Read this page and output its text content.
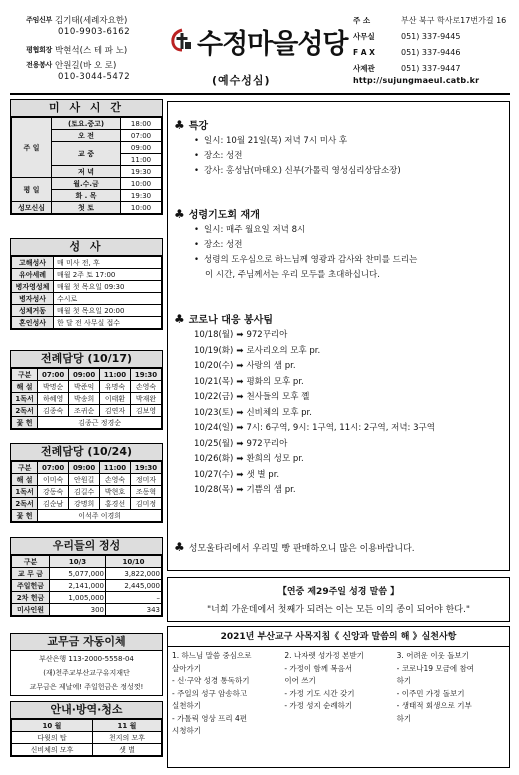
주임신부 김기태(세례자요한)
010-9903-6162
평협회장 박현석(스 테 파 노)
전용봉사 안원길(바 오 로)
010-3044-5472
수정마을성당
(예수성심)
주 소	부산 북구 학사로17번가길 16
사무실	051) 337-9445
F A X	051) 337-9446
사제관	051) 337-9447
http://sujungmaeul.catb.kr
미 사 시 간
주 일	(토요.중고)	18:00
	오 전	07:00
	교 중	09:00
		11:00
	저 녁	19:30
평 일	월.수.금	10:00
	화 . 목	19:30
성모신심	첫 토	10:00
성 사
고해성사	매 미사 전, 후
유아세례	매월 2주 토 17:00
병자영성체	매월 첫 목요일 09:30
병자성사	수시로
성체거동	매월 첫 목요일 20:00
혼인성사	한 달 전 사무실 접수
전례담당 (10/17)
구분	07:00	09:00	11:00	19:30
해 설	박명순	박준익	유명숙	손영숙
1독서	하혜영	박송희	이태환	박재완
2독서	김종숙	조귀순	김연자	김보영
꽃 헌	김종근 정경순			
전례담당 (10/24)
구분	07:00	09:00	11:00	19:30
해 설	이미숙	안원길	손영숙	정미자
1독서	강동숙	김길수	박현호	조동혁
2독서	김순남	강명희	홍경선	김미정
꽃 헌	이석주 이경희			
우리들의 정성
구분	10/3	10/10
교 무 금	5,077,000	3,822,000
주일헌금	2,141,000	2,445,000
2차 헌금	1,005,000	–
미사인원	300	343
교무금 자동이체
부산은행 113-2000-5558-04
(재)천주교부산교구유지재단
교무금은 제날에! 주일헌금은 정성껏!
안내·방역·청소
10 월	11 월
다윗의 탑	천지의 모후
신비체의 모후	샛 별
♣ 특강
• 일시: 10월 21일(목) 저녁 7시 미사 후
• 장소: 성전
• 강사: 홍성남(마태오) 신부(가톨릭 영성심리상담소장)
♣ 성령기도회 재개
• 일시: 매주 월요일 저녁 8시
• 장소: 성전
• 성령의 도우심으로 하느님께 영광과 감사와 찬미를 드리는
이 시간, 주님께서는 우리 모두를 초대하십니다.
♣ 코로나 대응 봉사팀
10/18(월) ➡ 972꾸리아
10/19(화) ➡ 로사리오의 모후 pr.
10/20(수) ➡ 사랑의 샘 pr.
10/21(목) ➡ 평화의 모후 pr.
10/22(금) ➡ 천사들의 모후 꼘
10/23(토) ➡ 신비체의 모후 pr.
10/24(일) ➡ 7시: 6구역, 9시: 1구역, 11시: 2구역, 저녁: 3구역
10/25(월) ➡ 972꾸리아
10/26(화) ➡ 환희의 성모 pr.
10/27(수) ➡ 샛 별 pr.
10/28(목) ➡ 기쁨의 샘 pr.
♣ 성모울타리에서 우리밀 빵 판매하오니 많은 이용바랍니다.
【연중 제29주일 성경 말씀 】
"너희 가운데에서 첫째가 되려는 이는 모든 이의 종이 되어야 한다."
2021년 부산교구 사목지침《 신앙과 말씀의 해 》실천사항
1. 하느님 말씀 중심으로
살아가기
- 신·구약 성경 통독하기
- 주일의 성구 암송하고
실천하기
- 가톨릭 영상 프리 4편
시청하기
2. 나자렛 성가정 본받기
- 가정이 함께 복음서
이어 쓰기
- 가정 기도 시간 갖기
- 가정 성지 순례하기
3. 어려운 이웃 돌보기
- 코로나19 모금에 참여
하기
- 이주민 가정 돌보기
- 생태적 회생으로 기부
하기
